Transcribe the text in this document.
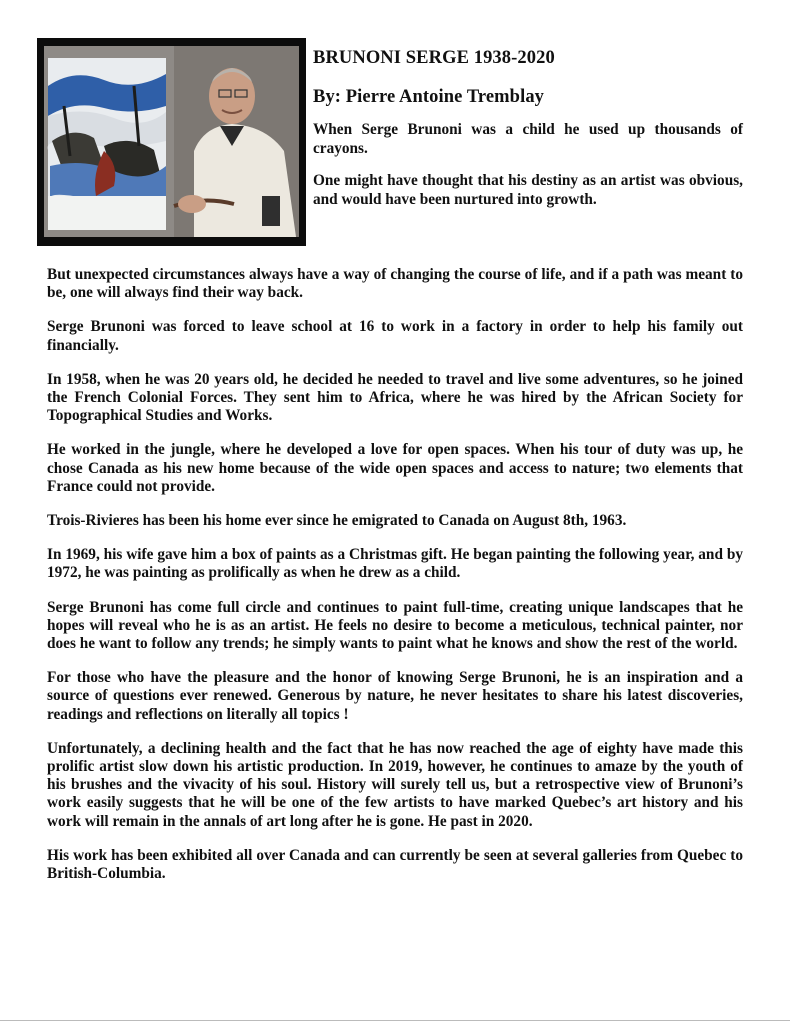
BRUNONI SERGE 1938-2020
By: Pierre Antoine Tremblay

When Serge Brunoni was a child he used up thousands of crayons.

One might have thought that his destiny as an artist was obvious, and would have been nurtured into growth.

But unexpected circumstances always have a way of changing the course of life, and if a path was meant to be, one will always find their way back.

Serge Brunoni was forced to leave school at 16 to work in a factory in order to help his family out financially.

In 1958, when he was 20 years old, he decided he needed to travel and live some adventures, so he joined the French Colonial Forces. They sent him to Africa, where he was hired by the African Society for Topographical Studies and Works.

He worked in the jungle, where he developed a love for open spaces. When his tour of duty was up, he chose Canada as his new home because of the wide open spaces and access to nature; two elements that France could not provide.

Trois-Rivieres has been his home ever since he emigrated to Canada on August 8th, 1963.

In 1969, his wife gave him a box of paints as a Christmas gift. He began painting the following year, and by 1972, he was painting as prolifically as when he drew as a child.

Serge Brunoni has come full circle and continues to paint full-time, creating unique landscapes that he hopes will reveal who he is as an artist. He feels no desire to become a meticulous, technical painter, nor does he want to follow any trends; he simply wants to paint what he knows and show the rest of the world.

For those who have the pleasure and the honor of knowing Serge Brunoni, he is an inspiration and a source of questions ever renewed. Generous by nature, he never hesitates to share his latest discoveries, readings and reflections on literally all topics !

Unfortunately, a declining health and the fact that he has now reached the age of eighty have made this prolific artist slow down his artistic production. In 2019, however, he continues to amaze by the youth of his brushes and the vivacity of his soul. History will surely tell us, but a retrospective view of Brunoni’s work easily suggests that he will be one of the few artists to have marked Quebec’s art history and his work will remain in the annals of art long after he is gone. He past in 2020.

His work has been exhibited all over Canada and can currently be seen at several galleries from Quebec to British-Columbia.
